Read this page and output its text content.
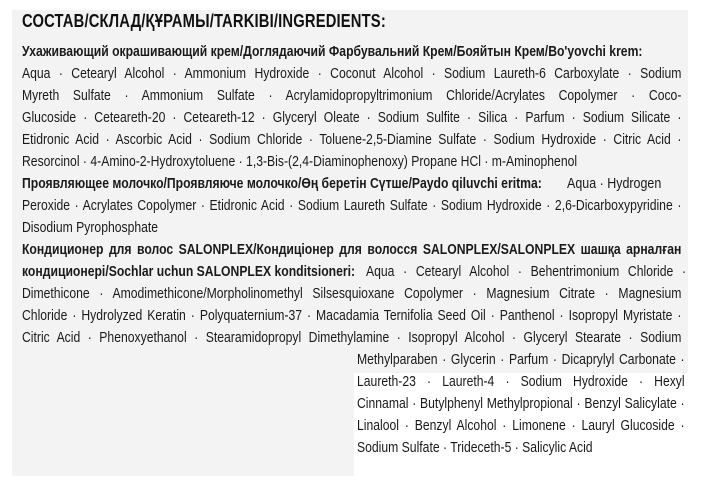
СОСТАВ/СКЛАД/ҚҰРАМЫ/TARKIBI/INGREDIENTS:
Ухаживающий окрашивающий крем/Доглядаючий Фарбувальний Крем/Бояйтын Крем/Bo'yovchi krem:
Aqua · Cetearyl Alcohol · Ammonium Hydroxide · Coconut Alcohol · Sodium Laureth-6 Carboxylate · Sodium
Myreth Sulfate · Ammonium Sulfate · Acrylamidopropyltrimonium Chloride/Acrylates Copolymer · Coco-
Glucoside · Ceteareth-20 · Ceteareth-12 · Glyceryl Oleate · Sodium Sulfite · Silica · Parfum · Sodium Silicate ·
Etidronic Acid · Ascorbic Acid · Sodium Chloride · Toluene-2,5-Diamine Sulfate · Sodium Hydroxide · Citric Acid ·
Resorcinol · 4-Amino-2-Hydroxytoluene · 1,3-Bis-(2,4-Diaminophenoxy) Propane HCl · m-Aminophenol
Проявляющее молочко/Проявляюче молочко/Өң беретін Сүтше/Paydo qiluvchi eritma: Aqua · Hydrogen
Peroxide · Acrylates Copolymer · Etidronic Acid · Sodium Laureth Sulfate · Sodium Hydroxide · 2,6-Dicarboxypyridine ·
Disodium Pyrophosphate
Кондиционер для волос SALONPLEX/Кондиціонер для волосся SALONPLEX/SALONPLEX шашқа арналған
кондиционері/Sochlar uchun SALONPLEX konditsioneri: Aqua · Cetearyl Alcohol · Behentrimonium Chloride ·
Dimethicone · Amodimethicone/Morpholinomethyl Silsesquioxane Copolymer · Magnesium Citrate · Magnesium
Chloride · Hydrolyzed Keratin · Polyquaternium-37 · Macadamia Ternifolia Seed Oil · Panthenol · Isopropyl Myristate ·
Citric Acid · Phenoxyethanol · Stearamidopropyl Dimethylamine · Isopropyl Alcohol · Glyceryl Stearate · Sodium
Methylparaben · Glycerin · Parfum · Dicaprylyl Carbonate ·
Laureth-23 · Laureth-4 · Sodium Hydroxide · Hexyl
Cinnamal · Butylphenyl Methylpropional · Benzyl Salicylate ·
Linalool · Benzyl Alcohol · Limonene · Lauryl Glucoside ·
Sodium Sulfate · Trideceth-5 · Salicylic Acid
